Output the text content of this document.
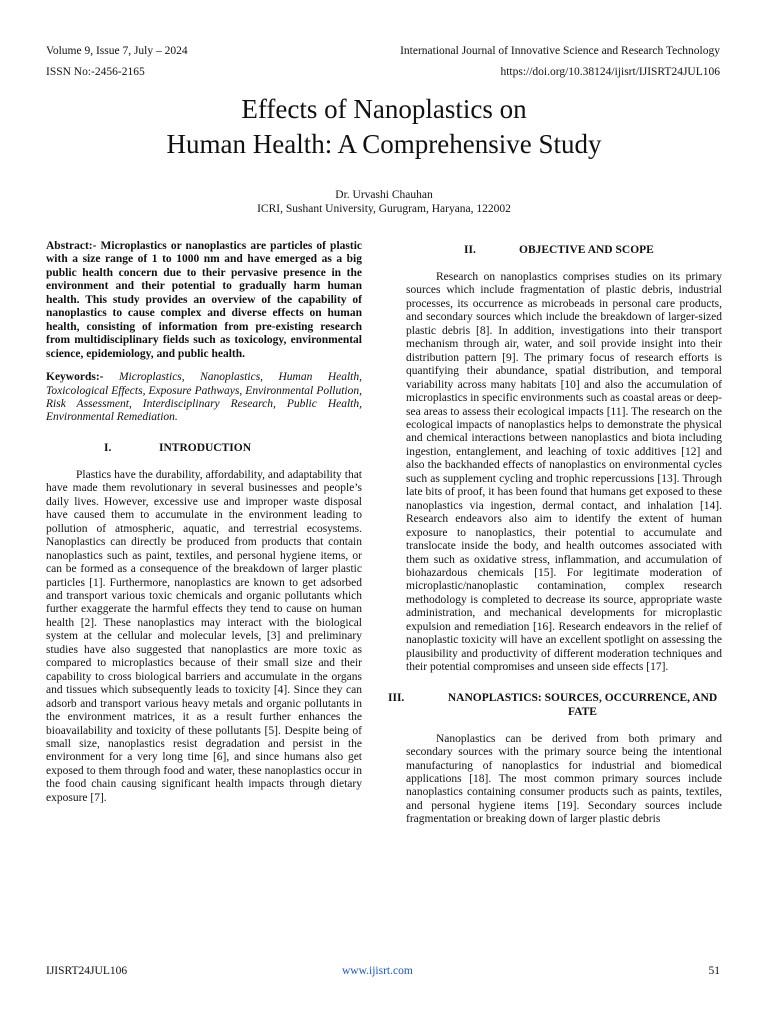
Volume 9, Issue 7, July – 2024	International Journal of Innovative Science and Research Technology
ISSN No:-2456-2165	https://doi.org/10.38124/ijisrt/IJISRT24JUL106
Effects of Nanoplastics on
Human Health: A Comprehensive Study
Dr. Urvashi Chauhan
ICRI, Sushant University, Gurugram, Haryana, 122002

Abstract:- Microplastics or nanoplastics are particles of plastic with a size range of 1 to 1000 nm and have emerged as a big public health concern due to their pervasive presence in the environment and their potential to gradually harm human health. This study provides an overview of the capability of nanoplastics to cause complex and diverse effects on human health, consisting of information from pre-existing research from multidisciplinary fields such as toxicology, environmental science, epidemiology, and public health.

Keywords:- Microplastics, Nanoplastics, Human Health, Toxicological Effects, Exposure Pathways, Environmental Pollution, Risk Assessment, Interdisciplinary Research, Public Health, Environmental Remediation.

I.	INTRODUCTION

Plastics have the durability, affordability, and adaptability that have made them revolutionary in several businesses and people’s daily lives. However, excessive use and improper waste disposal have caused them to accumulate in the environment leading to pollution of atmospheric, aquatic, and terrestrial ecosystems. Nanoplastics can directly be produced from products that contain nanoplastics such as paint, textiles, and personal hygiene items, or can be formed as a consequence of the breakdown of larger plastic particles [1]. Furthermore, nanoplastics are known to get adsorbed and transport various toxic chemicals and organic pollutants which further exaggerate the harmful effects they tend to cause on human health [2]. These nanoplastics may interact with the biological system at the cellular and molecular levels, [3] and preliminary studies have also suggested that nanoplastics are more toxic as compared to microplastics because of their small size and their capability to cross biological barriers and accumulate in the organs and tissues which subsequently leads to toxicity [4]. Since they can adsorb and transport various heavy metals and organic pollutants in the environment matrices, it as a result further enhances the bioavailability and toxicity of these pollutants [5]. Despite being of small size, nanoplastics resist degradation and persist in the environment for a very long time [6], and since humans also get exposed to them through food and water, these nanoplastics occur in the food chain causing significant health impacts through dietary exposure [7].

II.	OBJECTIVE AND SCOPE

Research on nanoplastics comprises studies on its primary sources which include fragmentation of plastic debris, industrial processes, its occurrence as microbeads in personal care products, and secondary sources which include the breakdown of larger-sized plastic debris [8]. In addition, investigations into their transport mechanism through air, water, and soil provide insight into their distribution pattern [9]. The primary focus of research efforts is quantifying their abundance, spatial distribution, and temporal variability across many habitats [10] and also the accumulation of microplastics in specific environments such as coastal areas or deep-sea areas to assess their ecological impacts [11]. The research on the ecological impacts of nanoplastics helps to demonstrate the physical and chemical interactions between nanoplastics and biota including ingestion, entanglement, and leaching of toxic additives [12] and also the backhanded effects of nanoplastics on environmental cycles such as supplement cycling and trophic repercussions [13]. Through late bits of proof, it has been found that humans get exposed to these nanoplastics via ingestion, dermal contact, and inhalation [14]. Research endeavors also aim to identify the extent of human exposure to nanoplastics, their potential to accumulate and translocate inside the body, and health outcomes associated with them such as oxidative stress, inflammation, and accumulation of biohazardous chemicals [15]. For legitimate moderation of microplastic/nanoplastic contamination, complex research methodology is completed to decrease its source, appropriate waste administration, and mechanical developments for microplastic expulsion and remediation [16]. Research endeavors in the relief of nanoplastic toxicity will have an excellent spotlight on assessing the plausibility and productivity of different moderation techniques and their potential compromises and unseen side effects [17].

III.	NANOPLASTICS: SOURCES, OCCURRENCE, AND FATE

Nanoplastics can be derived from both primary and secondary sources with the primary source being the intentional manufacturing of nanoplastics for industrial and biomedical applications [18]. The most common primary sources include nanoplastics containing consumer products such as paints, textiles, and personal hygiene items [19]. Secondary sources include fragmentation or breaking down of larger plastic debris

IJISRT24JUL106	www.ijisrt.com	51
